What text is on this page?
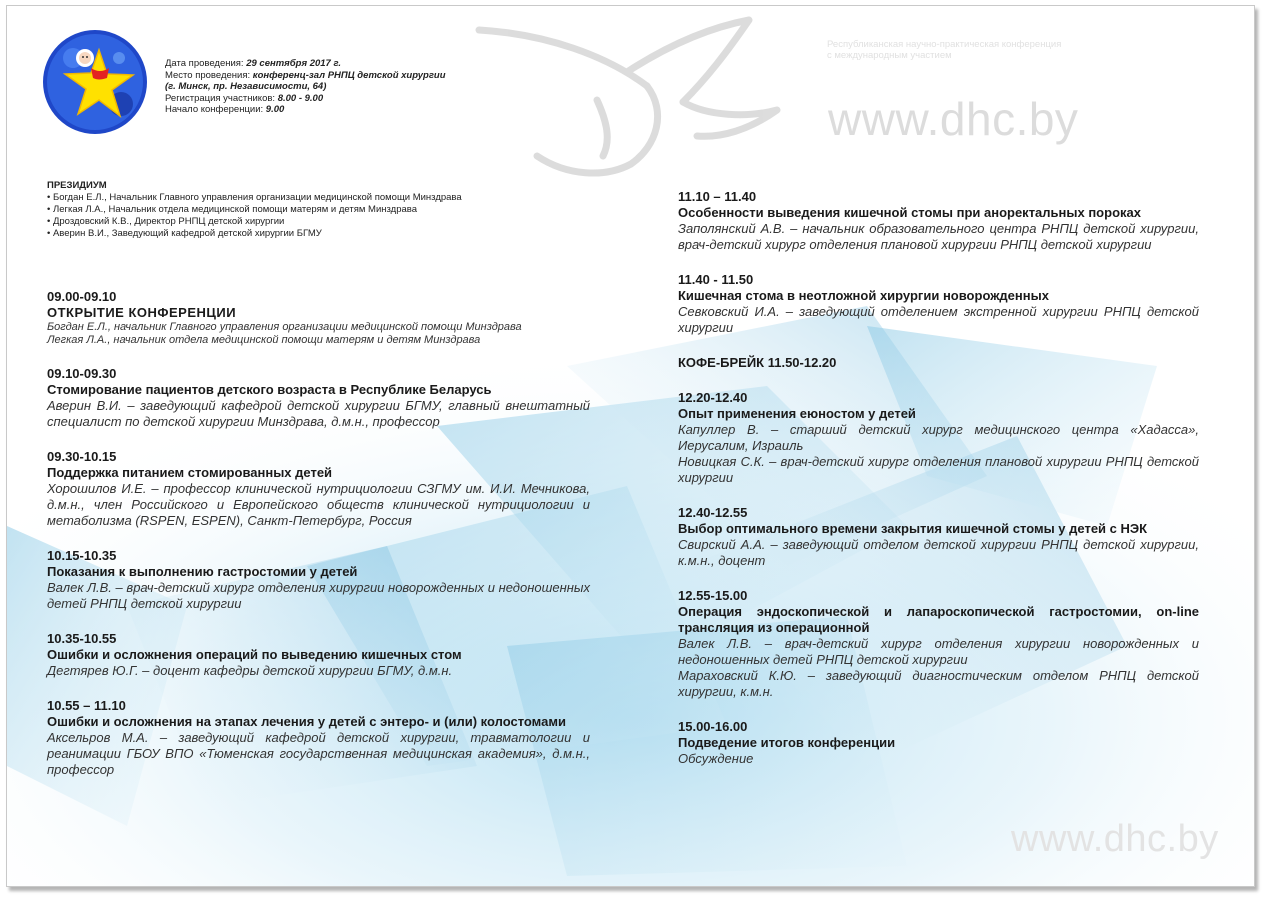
Дата проведения: 29 сентября 2017 г.
Место проведения: конференц-зал РНПЦ детской хирургии
(г. Минск, пр. Независимости, 64)
Регистрация участников: 8.00 - 9.00
Начало конференции: 9.00
Республиканская научно-практическая конференция
с международным участием
www.dhc.by
www.dhc.by
ПРЕЗИДИУМ
• Богдан Е.Л., Начальник Главного управления организации медицинской помощи Минздрава
• Легкая Л.А., Начальник отдела медицинской помощи матерям и детям Минздрава
• Дроздовский К.В., Директор РНПЦ детской хирургии
• Аверин В.И., Заведующий кафедрой детской хирургии БГМУ
09.00-09.10
ОТКРЫТИЕ КОНФЕРЕНЦИИ
Богдан Е.Л., начальник Главного управления организации медицинской помощи Минздрава
Легкая Л.А., начальник отдела медицинской помощи матерям и детям Минздрава
09.10-09.30
Стомирование пациентов детского возраста в Республике Беларусь
Аверин В.И. – заведующий кафедрой детской хирургии БГМУ, главный внештатный специалист по детской хирургии Минздрава, д.м.н., профессор
09.30-10.15
Поддержка питанием стомированных детей
Хорошилов И.Е. – профессор клинической нутрициологии СЗГМУ им. И.И. Мечникова, д.м.н., член Российского и Европейского обществ клинической нутрициологии и метаболизма (RSPEN, ESPEN), Санкт-Петербург, Россия
10.15-10.35
Показания к выполнению гастростомии у детей
Валек Л.В. – врач-детский хирург отделения хирургии новорожденных и недоношенных детей РНПЦ детской хирургии
10.35-10.55
Ошибки и осложнения операций по выведению кишечных стом
Дегтярев Ю.Г. – доцент кафедры детской хирургии БГМУ, д.м.н.
10.55 – 11.10
Ошибки и осложнения на этапах лечения у детей с энтеро- и (или) колостомами
Аксельров М.А. – заведующий кафедрой детской хирургии, травматологии и реанимации ГБОУ ВПО «Тюменская государственная медицинская академия», д.м.н., профессор
11.10 – 11.40
Особенности выведения кишечной стомы при аноректальных пороках
Заполянский А.В. – начальник образовательного центра РНПЦ детской хирургии, врач-детский хирург отделения плановой хирургии РНПЦ детской хирургии
11.40 - 11.50
Кишечная стома в неотложной хирургии новорожденных
Севковский И.А. – заведующий отделением экстренной хирургии РНПЦ детской хирургии
КОФЕ-БРЕЙК 11.50-12.20
12.20-12.40
Опыт применения еюностом у детей
Капуллер В. – старший детский хирург медицинского центра «Хадасса», Иерусалим, Израиль
Новицкая С.К. – врач-детский хирург отделения плановой хирургии РНПЦ детской хирургии
12.40-12.55
Выбор оптимального времени закрытия кишечной стомы у детей с НЭК
Свирский А.А. – заведующий отделом детской хирургии РНПЦ детской хирургии, к.м.н., доцент
12.55-15.00
Операция эндоскопической и лапароскопической гастростомии, on-line трансляция из операционной
Валек Л.В. – врач-детский хирург отделения хирургии новорожденных и недоношенных детей РНПЦ детской хирургии
Мараховский К.Ю. – заведующий диагностическим отделом РНПЦ детской хирургии, к.м.н.
15.00-16.00
Подведение итогов конференции
Обсуждение
